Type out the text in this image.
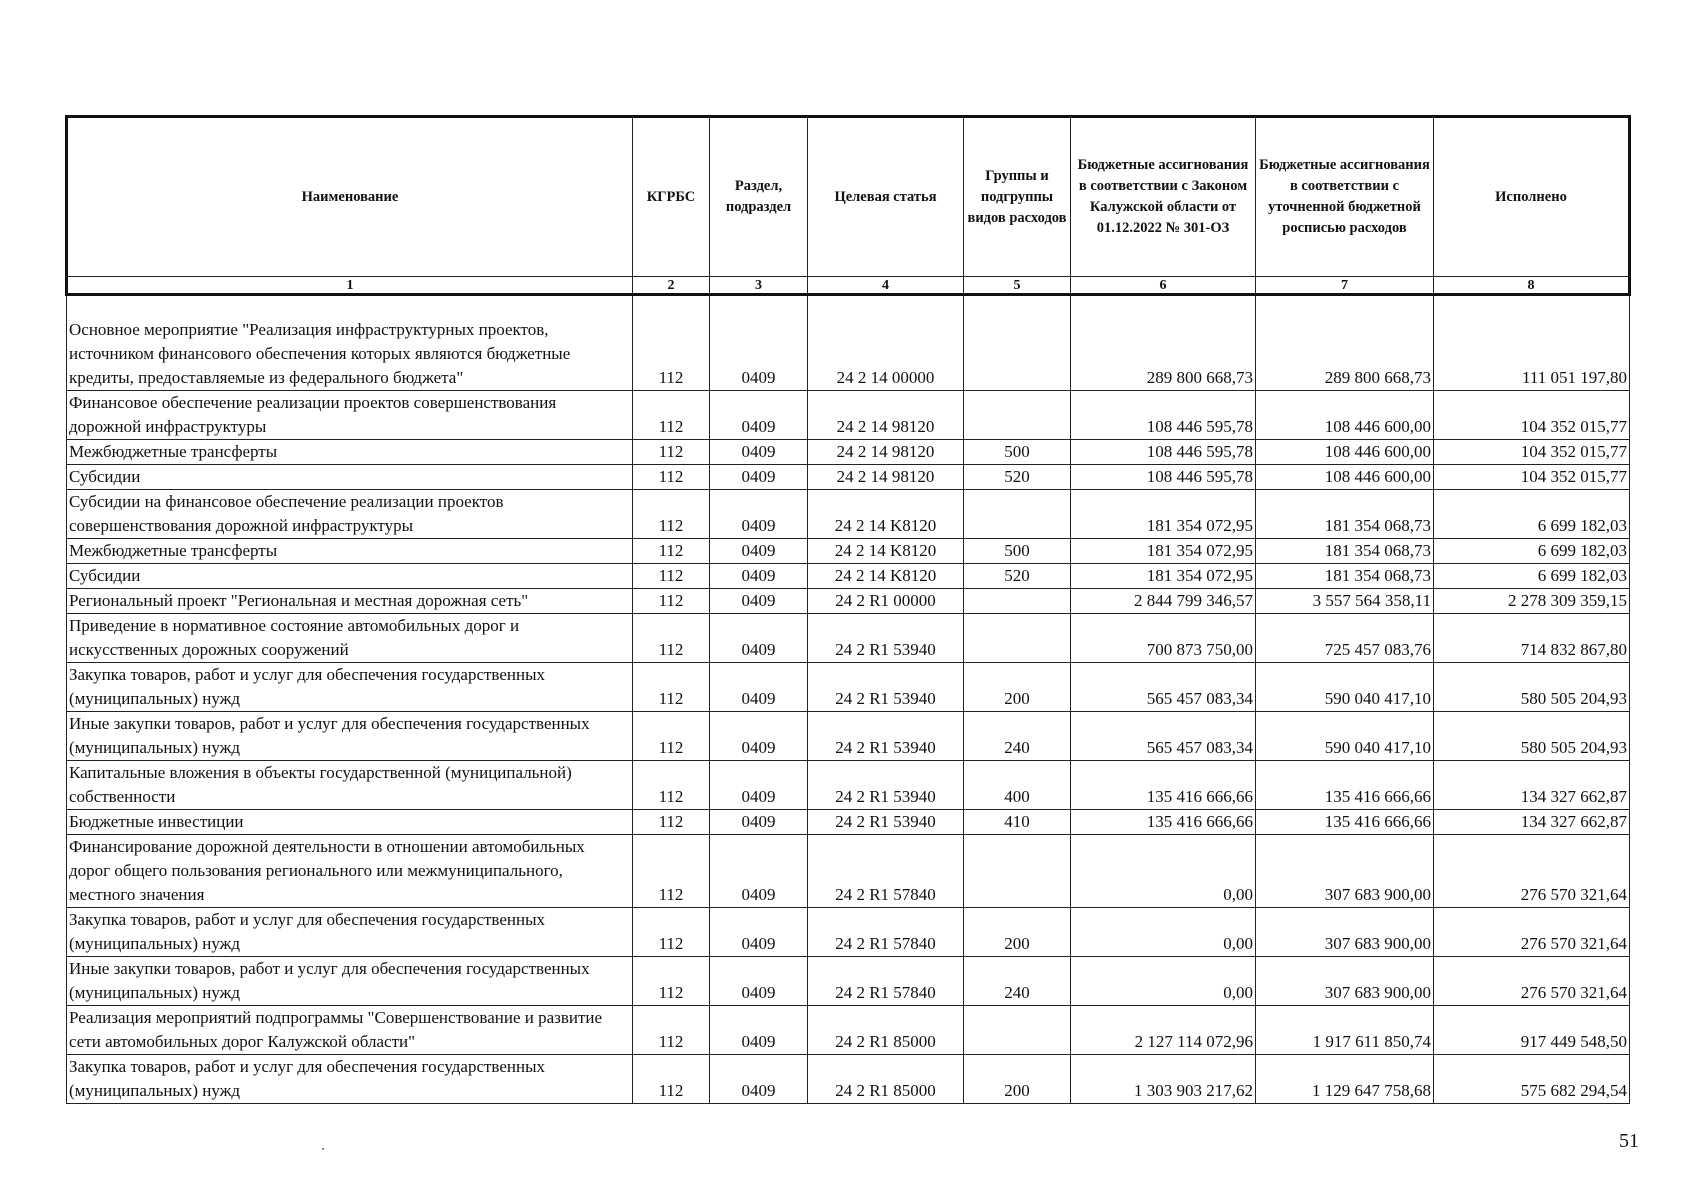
Наименование	КГРБС	Раздел, подраздел	Целевая статья	Группы и подгруппы видов расходов	Бюджетные ассигнования в соответствии с Законом Калужской области от 01.12.2022 № 301-ОЗ	Бюджетные ассигнования в соответствии с уточненной бюджетной росписью расходов	Исполнено
1	2	3	4	5	6	7	8
Основное мероприятие "Реализация инфраструктурных проектов, источником финансового обеспечения которых являются бюджетные кредиты, предоставляемые из федерального бюджета"	112	0409	24 2 14 00000		289 800 668,73	289 800 668,73	111 051 197,80
Финансовое обеспечение реализации проектов совершенствования дорожной инфраструктуры	112	0409	24 2 14 98120		108 446 595,78	108 446 600,00	104 352 015,77
Межбюджетные трансферты	112	0409	24 2 14 98120	500	108 446 595,78	108 446 600,00	104 352 015,77
Субсидии	112	0409	24 2 14 98120	520	108 446 595,78	108 446 600,00	104 352 015,77
Субсидии на финансовое обеспечение реализации проектов совершенствования дорожной инфраструктуры	112	0409	24 2 14 K8120		181 354 072,95	181 354 068,73	6 699 182,03
Межбюджетные трансферты	112	0409	24 2 14 K8120	500	181 354 072,95	181 354 068,73	6 699 182,03
Субсидии	112	0409	24 2 14 K8120	520	181 354 072,95	181 354 068,73	6 699 182,03
Региональный проект "Региональная и местная дорожная сеть"	112	0409	24 2 R1 00000		2 844 799 346,57	3 557 564 358,11	2 278 309 359,15
Приведение в нормативное состояние автомобильных дорог и искусственных дорожных сооружений	112	0409	24 2 R1 53940		700 873 750,00	725 457 083,76	714 832 867,80
Закупка товаров, работ и услуг для обеспечения государственных (муниципальных) нужд	112	0409	24 2 R1 53940	200	565 457 083,34	590 040 417,10	580 505 204,93
Иные закупки товаров, работ и услуг для обеспечения государственных (муниципальных) нужд	112	0409	24 2 R1 53940	240	565 457 083,34	590 040 417,10	580 505 204,93
Капитальные вложения в объекты государственной (муниципальной) собственности	112	0409	24 2 R1 53940	400	135 416 666,66	135 416 666,66	134 327 662,87
Бюджетные инвестиции	112	0409	24 2 R1 53940	410	135 416 666,66	135 416 666,66	134 327 662,87
Финансирование дорожной деятельности в отношении автомобильных дорог общего пользования регионального или межмуниципального, местного значения	112	0409	24 2 R1 57840		0,00	307 683 900,00	276 570 321,64
Закупка товаров, работ и услуг для обеспечения государственных (муниципальных) нужд	112	0409	24 2 R1 57840	200	0,00	307 683 900,00	276 570 321,64
Иные закупки товаров, работ и услуг для обеспечения государственных (муниципальных) нужд	112	0409	24 2 R1 57840	240	0,00	307 683 900,00	276 570 321,64
Реализация мероприятий подпрограммы "Совершенствование и развитие сети автомобильных дорог Калужской области"	112	0409	24 2 R1 85000		2 127 114 072,96	1 917 611 850,74	917 449 548,50
Закупка товаров, работ и услуг для обеспечения государственных (муниципальных) нужд	112	0409	24 2 R1 85000	200	1 303 903 217,62	1 129 647 758,68	575 682 294,54
51
